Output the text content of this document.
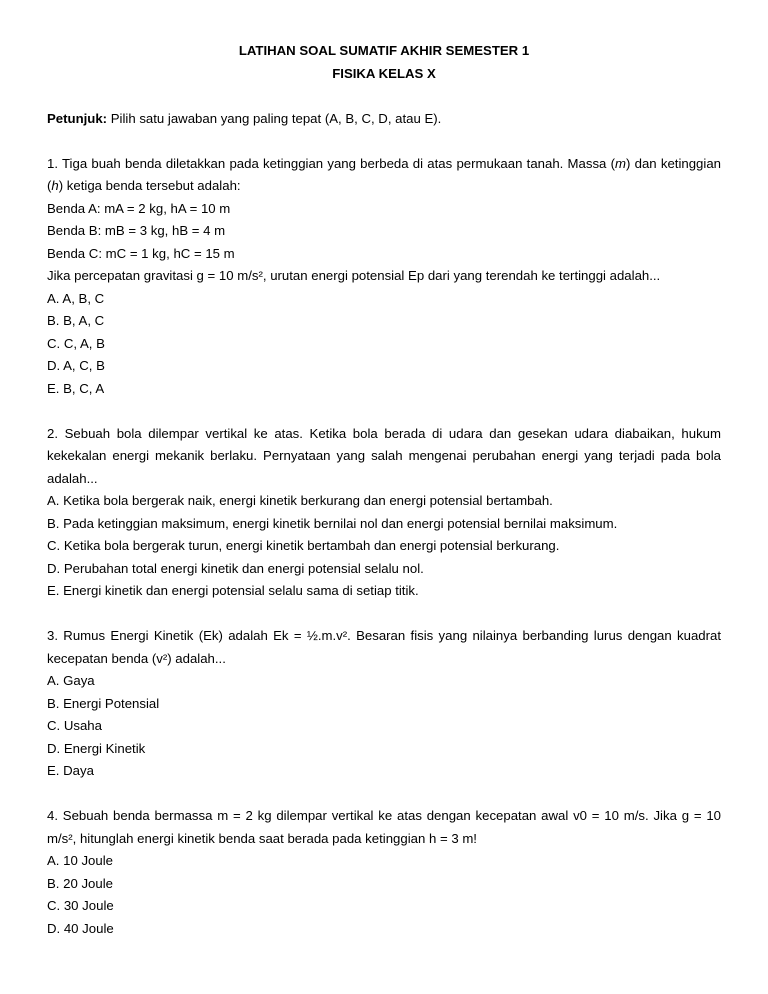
LATIHAN SOAL SUMATIF AKHIR SEMESTER 1

FISIKA KELAS X

Petunjuk: Pilih satu jawaban yang paling tepat (A, B, C, D, atau E).

1. Tiga buah benda diletakkan pada ketinggian yang berbeda di atas permukaan tanah. Massa (m) dan ketinggian (h) ketiga benda tersebut adalah:

Benda A: mA = 2 kg, hA = 10 m

Benda B: mB = 3 kg, hB = 4 m

Benda C: mC = 1 kg, hC = 15 m

Jika percepatan gravitasi g = 10 m/s², urutan energi potensial Ep dari yang terendah ke tertinggi adalah...

A. A, B, C

B. B, A, C

C. C, A, B

D. A, C, B

E. B, C, A

2. Sebuah bola dilempar vertikal ke atas. Ketika bola berada di udara dan gesekan udara diabaikan, hukum kekekalan energi mekanik berlaku. Pernyataan yang salah mengenai perubahan energi yang terjadi pada bola adalah...

A. Ketika bola bergerak naik, energi kinetik berkurang dan energi potensial bertambah.

B. Pada ketinggian maksimum, energi kinetik bernilai nol dan energi potensial bernilai maksimum.

C. Ketika bola bergerak turun, energi kinetik bertambah dan energi potensial berkurang.

D. Perubahan total energi kinetik dan energi potensial selalu nol.

E. Energi kinetik dan energi potensial selalu sama di setiap titik.

3. Rumus Energi Kinetik (Ek) adalah Ek = ½.m.v². Besaran fisis yang nilainya berbanding lurus dengan kuadrat kecepatan benda (v²) adalah...

A. Gaya

B. Energi Potensial

C. Usaha

D. Energi Kinetik

E. Daya

4. Sebuah benda bermassa m = 2 kg dilempar vertikal ke atas dengan kecepatan awal v0 = 10 m/s. Jika g = 10 m/s², hitunglah energi kinetik benda saat berada pada ketinggian h = 3 m!

A. 10 Joule

B. 20 Joule

C. 30 Joule

D. 40 Joule
